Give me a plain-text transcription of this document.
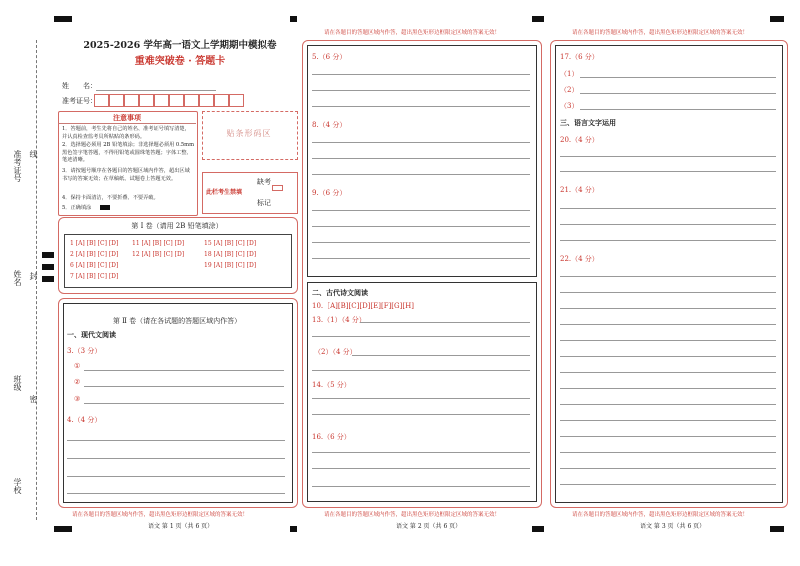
准考证号 线
姓名 封
班级
密
学校
2025-2026 学年高一语文上学期期中模拟卷
重难突破卷 · 答题卡
姓　　名：
准考证号：
注意事项
1．答题前，考生先将自己的姓名、准考证号填写清楚，并认真检查监考员所粘贴的条形码。
2．选择题必须用 2B 铅笔填涂；非选择题必须用 0.5mm 黑色签字笔答题，不得用铅笔或圆珠笔答题；字体工整、笔迹清晰。
3．请按题号顺序在各题目的答题区域内作答，超出区域书写的答案无效；在草稿纸、试题卷上答题无效。
4．保持卡面清洁，不要折叠、不要弄破。
5．正确填涂
贴条形码区
缺考
标记
此栏考生禁填
第 Ⅰ 卷（请用 2B 铅笔填涂）
1 [A] [B] [C] [D] 11 [A] [B] [C] [D]	15 [A] [B] [C] [D]
2 [A] [B] [C] [D] 12 [A] [B] [C] [D]	18 [A] [B] [C] [D]
6 [A] [B] [C] [D]	19 [A] [B] [C] [D]
7 [A] [B] [C] [D]
第 Ⅱ 卷（请在各试题的答题区域内作答）
一、现代文阅读
3.（3 分）
①
②
③
4.（4 分）
请在各题目的答题区域内作答，超出黑色矩形边框限定区域的答案无效！
语文 第 1 页（共 6 页）
请在各题目的答题区域内作答，超出黑色矩形边框限定区域的答案无效！
5.（6 分）
8.（4 分）
9.（6 分）
二、古代诗文阅读
10.［A][B][C][D][E][F][G][H]
13.（1）（4 分）
（2）（4 分）
14.（5 分）
16.（6 分）
请在各题目的答题区域内作答，超出黑色矩形边框限定区域的答案无效！
语文 第 2 页（共 6 页）
请在各题目的答题区域内作答，超出黑色矩形边框限定区域的答案无效！
17.（6 分）
（1）
（2）
（3）
三、语言文字运用
20.（4 分）
21.（4 分）
22.（4 分）
请在各题目的答题区域内作答，超出黑色矩形边框限定区域的答案无效！
语文 第 3 页（共 6 页）
